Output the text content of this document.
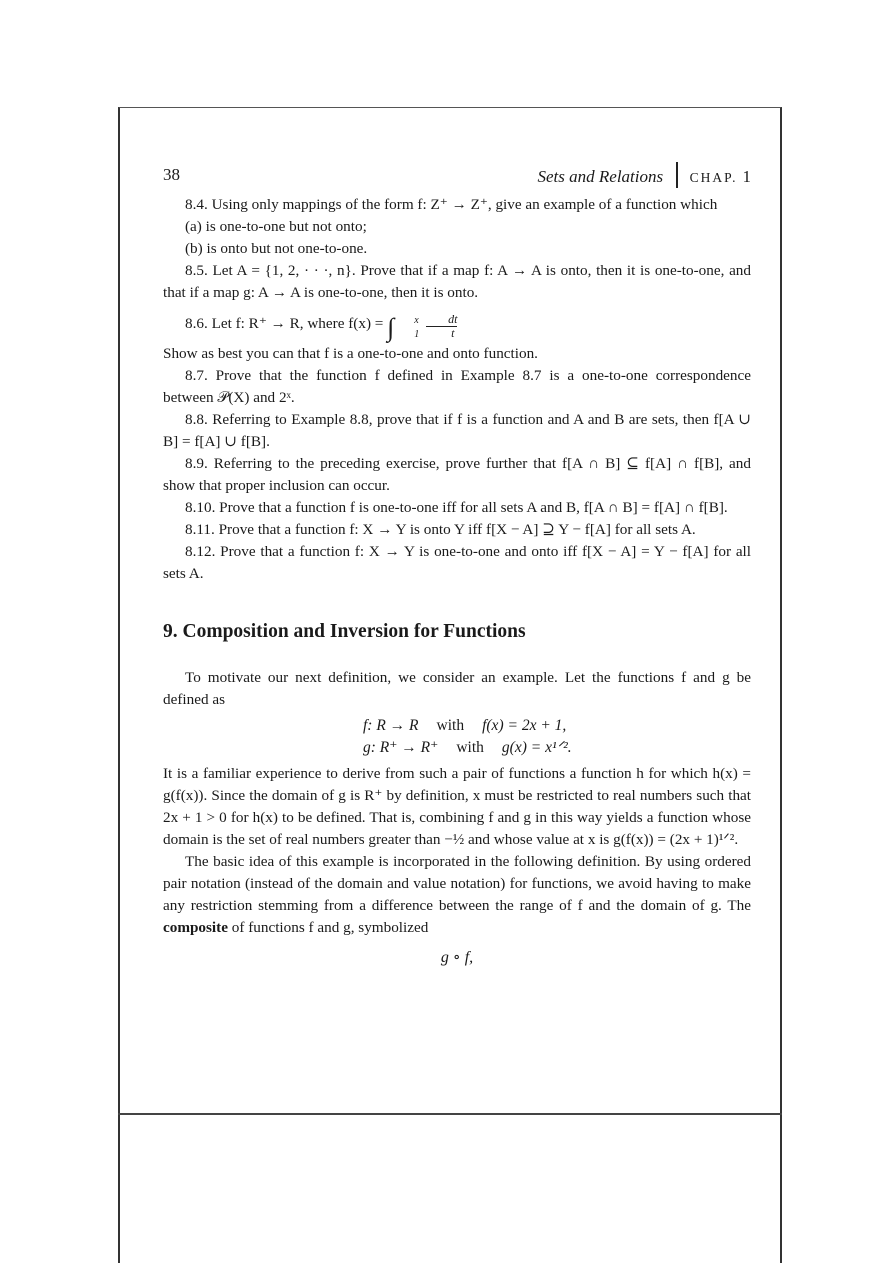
38	Sets and Relations CHAP. 1

8.4. Using only mappings of the form f: Z⁺ → Z⁺, give an example of a function which

(a) is one-to-one but not onto;

(b) is onto but not one-to-one.

8.5. Let A = {1, 2, · · ·, n}. Prove that if a map f: A → A is onto, then it is one-to-one, and that if a map g: A → A is one-to-one, then it is onto.

8.6. Let f: R⁺ → R, where f(x) = ∫	x
1
$\frac{dt}{t}$

Show as best you can that f is a one-to-one and onto function.

8.7. Prove that the function f defined in Example 8.7 is a one-to-one correspondence between 𝒫(X) and 2ˣ.

8.8. Referring to Example 8.8, prove that if f is a function and A and B are sets, then f[A ∪ B] = f[A] ∪ f[B].

8.9. Referring to the preceding exercise, prove further that f[A ∩ B] ⊆ f[A] ∩ f[B], and show that proper inclusion can occur.

8.10. Prove that a function f is one-to-one iff for all sets A and B, f[A ∩ B] = f[A] ∩ f[B].

8.11. Prove that a function f: X → Y is onto Y iff f[X − A] ⊇ Y − f[A] for all sets A.

8.12. Prove that a function f: X → Y is one-to-one and onto iff f[X − A] = Y − f[A] for all sets A.

9. Composition and Inversion for Functions

To motivate our next definition, we consider an example. Let the functions f and g be defined as

f: R → R with f(x) = 2x + 1,
g: R⁺ → R⁺ with g(x) = x¹ᐟ².

It is a familiar experience to derive from such a pair of functions a function h for which h(x) = g(f(x)). Since the domain of g is R⁺ by definition, x must be restricted to real numbers such that 2x + 1 > 0 for h(x) to be defined. That is, combining f and g in this way yields a function whose domain is the set of real numbers greater than −½ and whose value at x is g(f(x)) = (2x + 1)¹ᐟ².

The basic idea of this example is incorporated in the following definition. By using ordered pair notation (instead of the domain and value notation) for functions, we avoid having to make any restriction stemming from a difference between the range of f and the domain of g. The composite of functions f and g, symbolized

g ∘ f,
